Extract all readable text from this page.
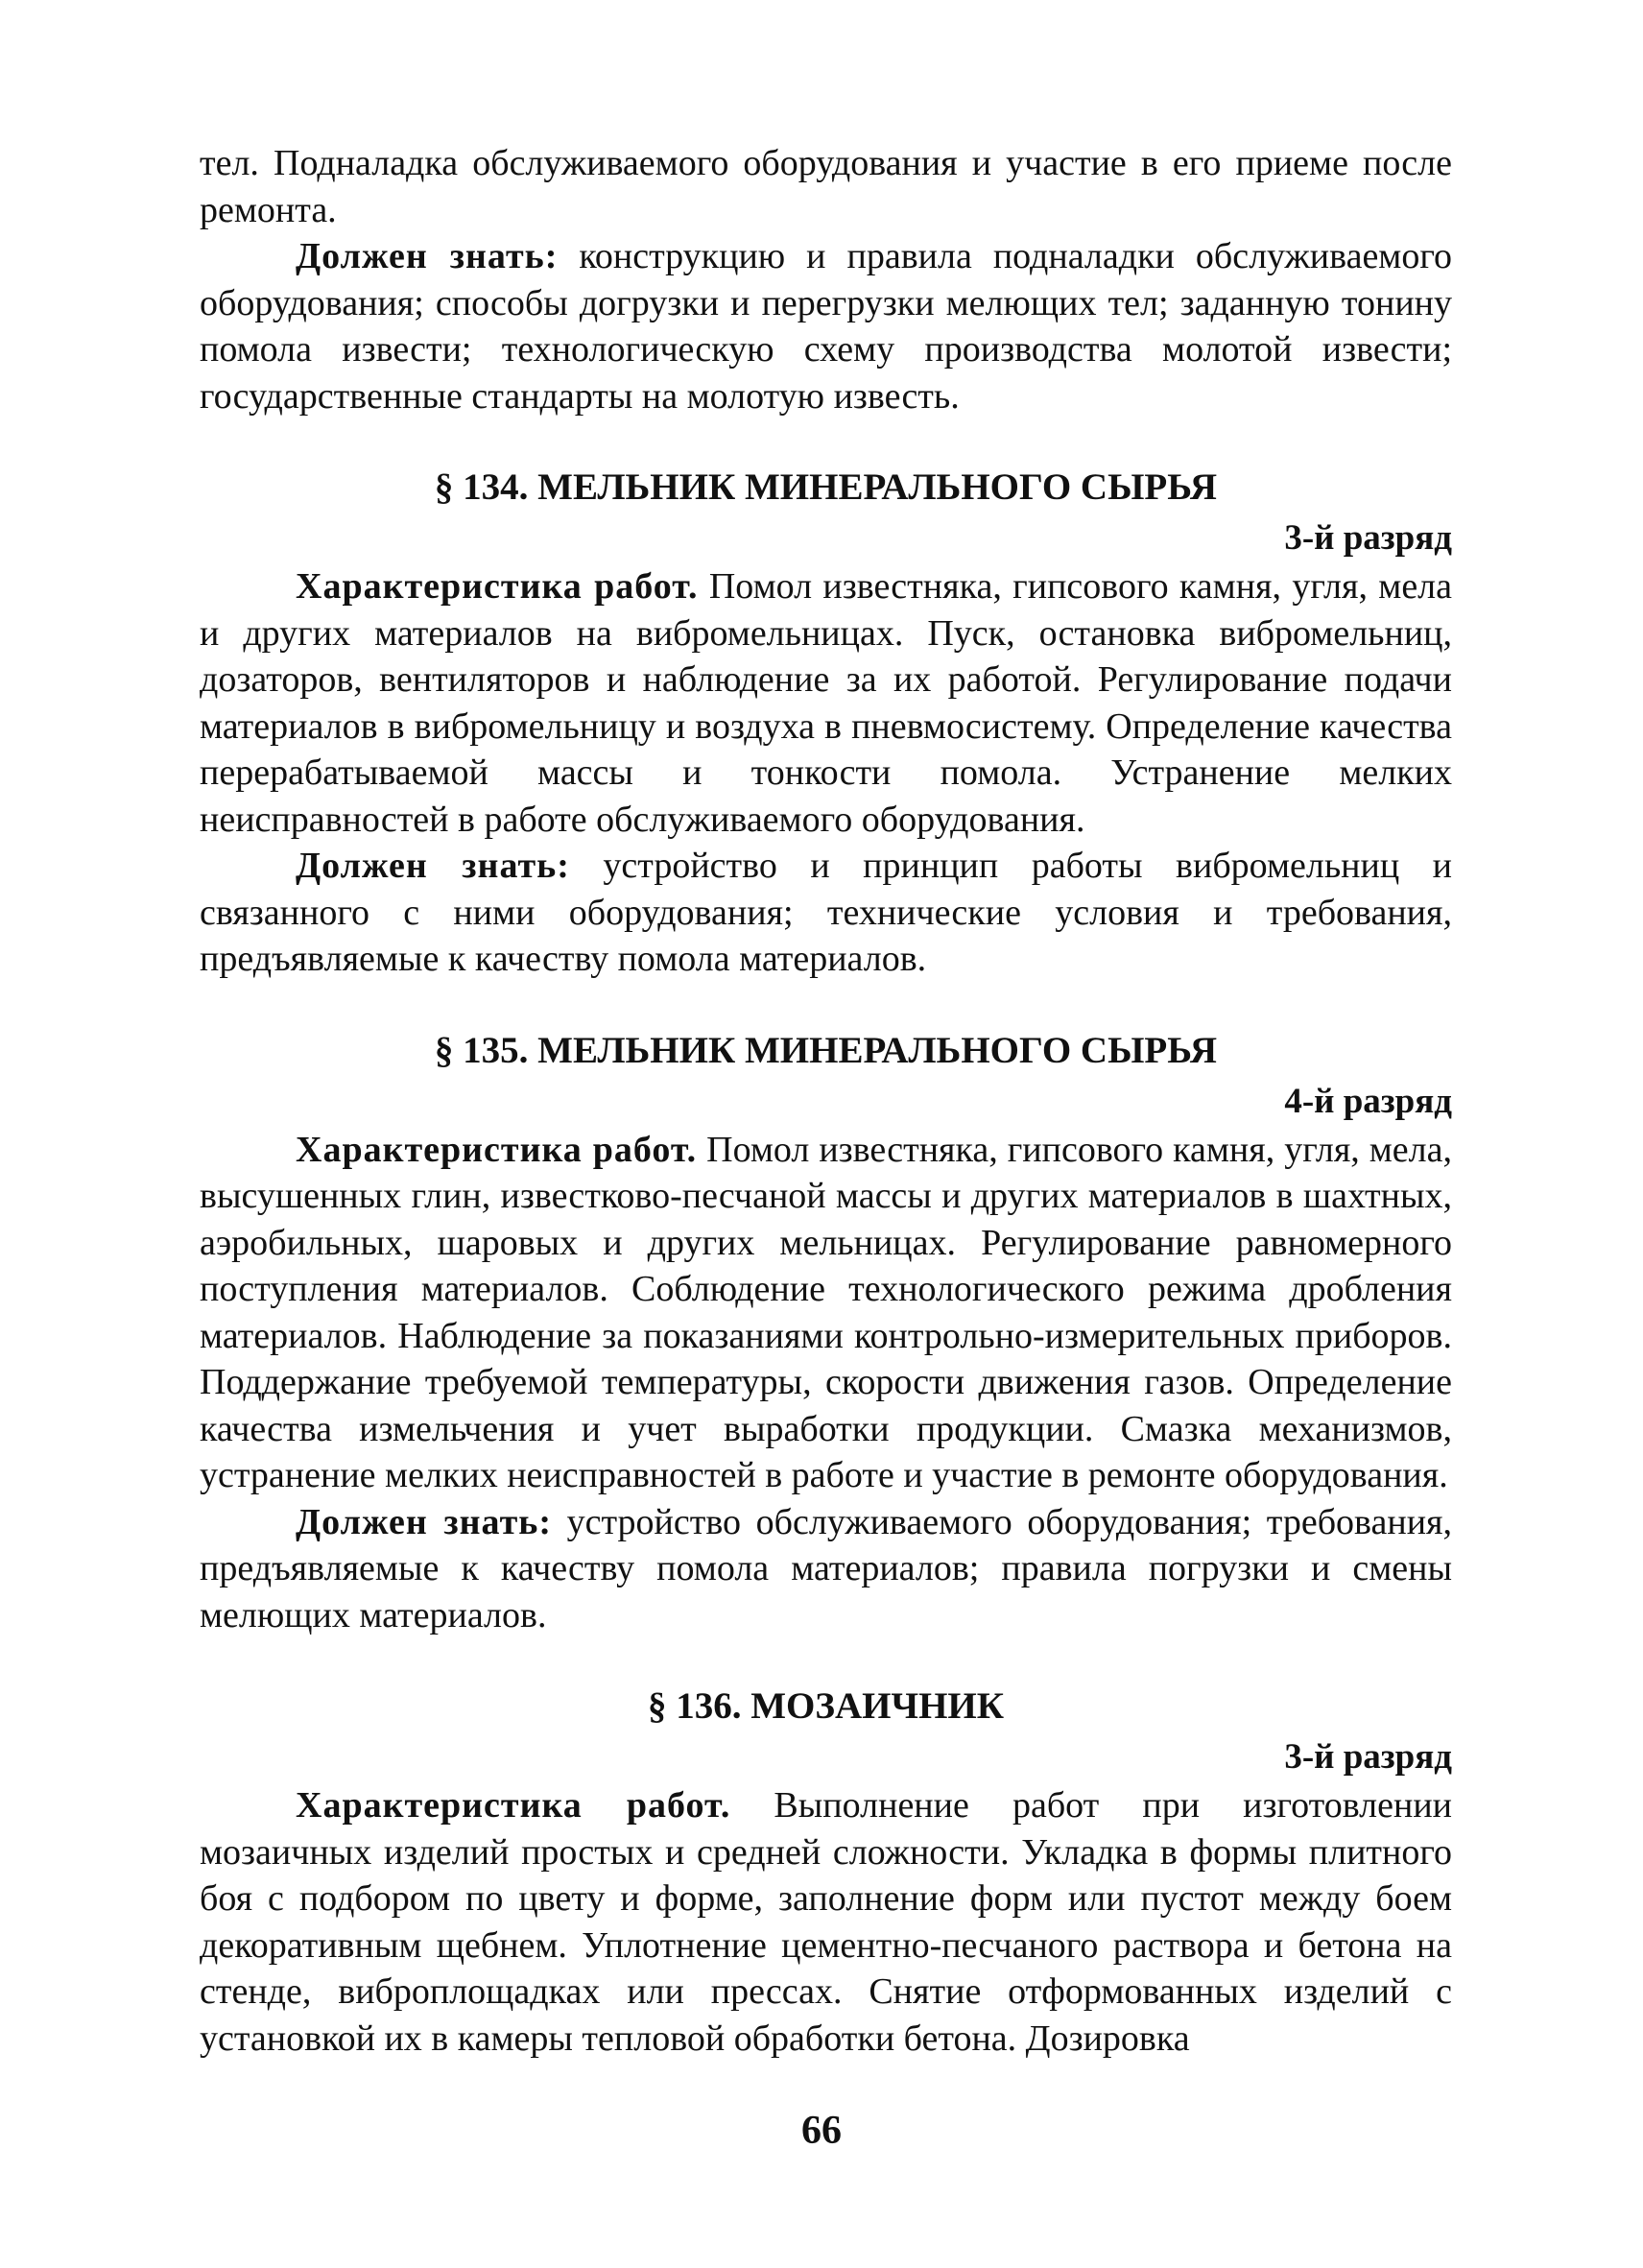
тел. Подналадка обслуживаемого оборудования и участие в его приеме после ремонта.

Должен знать: конструкцию и правила подналадки обслуживаемого оборудования; способы догрузки и перегрузки мелющих тел; заданную тонину помола извести; технологическую схему производства молотой извести; государственные стандарты на молотую известь.

§ 134. МЕЛЬНИК МИНЕРАЛЬНОГО СЫРЬЯ

3-й разряд

Характеристика работ. Помол известняка, гипсового камня, угля, мела и других материалов на вибромельницах. Пуск, остановка вибромельниц, дозаторов, вентиляторов и наблюдение за их работой. Регулирование подачи материалов в вибромельницу и воздуха в пневмосистему. Определение качества перерабатываемой массы и тонкости помола. Устранение мелких неисправностей в работе обслуживаемого оборудования.

Должен знать: устройство и принцип работы вибромельниц и связанного с ними оборудования; технические условия и требования, предъявляемые к качеству помола материалов.

§ 135. МЕЛЬНИК МИНЕРАЛЬНОГО СЫРЬЯ

4-й разряд

Характеристика работ. Помол известняка, гипсового камня, угля, мела, высушенных глин, известково-песчаной массы и других материалов в шахтных, аэробильных, шаровых и других мельницах. Регулирование равномерного поступления материалов. Соблюдение технологического режима дробления материалов. Наблюдение за показаниями контрольно-измерительных приборов. Поддержание требуемой температуры, скорости движения газов. Определение качества измельчения и учет выработки продукции. Смазка механизмов, устранение мелких неисправностей в работе и участие в ремонте оборудования.

Должен знать: устройство обслуживаемого оборудования; требования, предъявляемые к качеству помола материалов; правила погрузки и смены мелющих материалов.

§ 136. МОЗАИЧНИК

3-й разряд

Характеристика работ. Выполнение работ при изготовлении мозаичных изделий простых и средней сложности. Укладка в формы плитного боя с подбором по цвету и форме, заполнение форм или пустот между боем декоративным щебнем. Уплотнение цементно-песчаного раствора и бетона на стенде, виброплощадках или прессах. Снятие отформованных изделий с установкой их в камеры тепловой обработки бетона. Дозировка

66
